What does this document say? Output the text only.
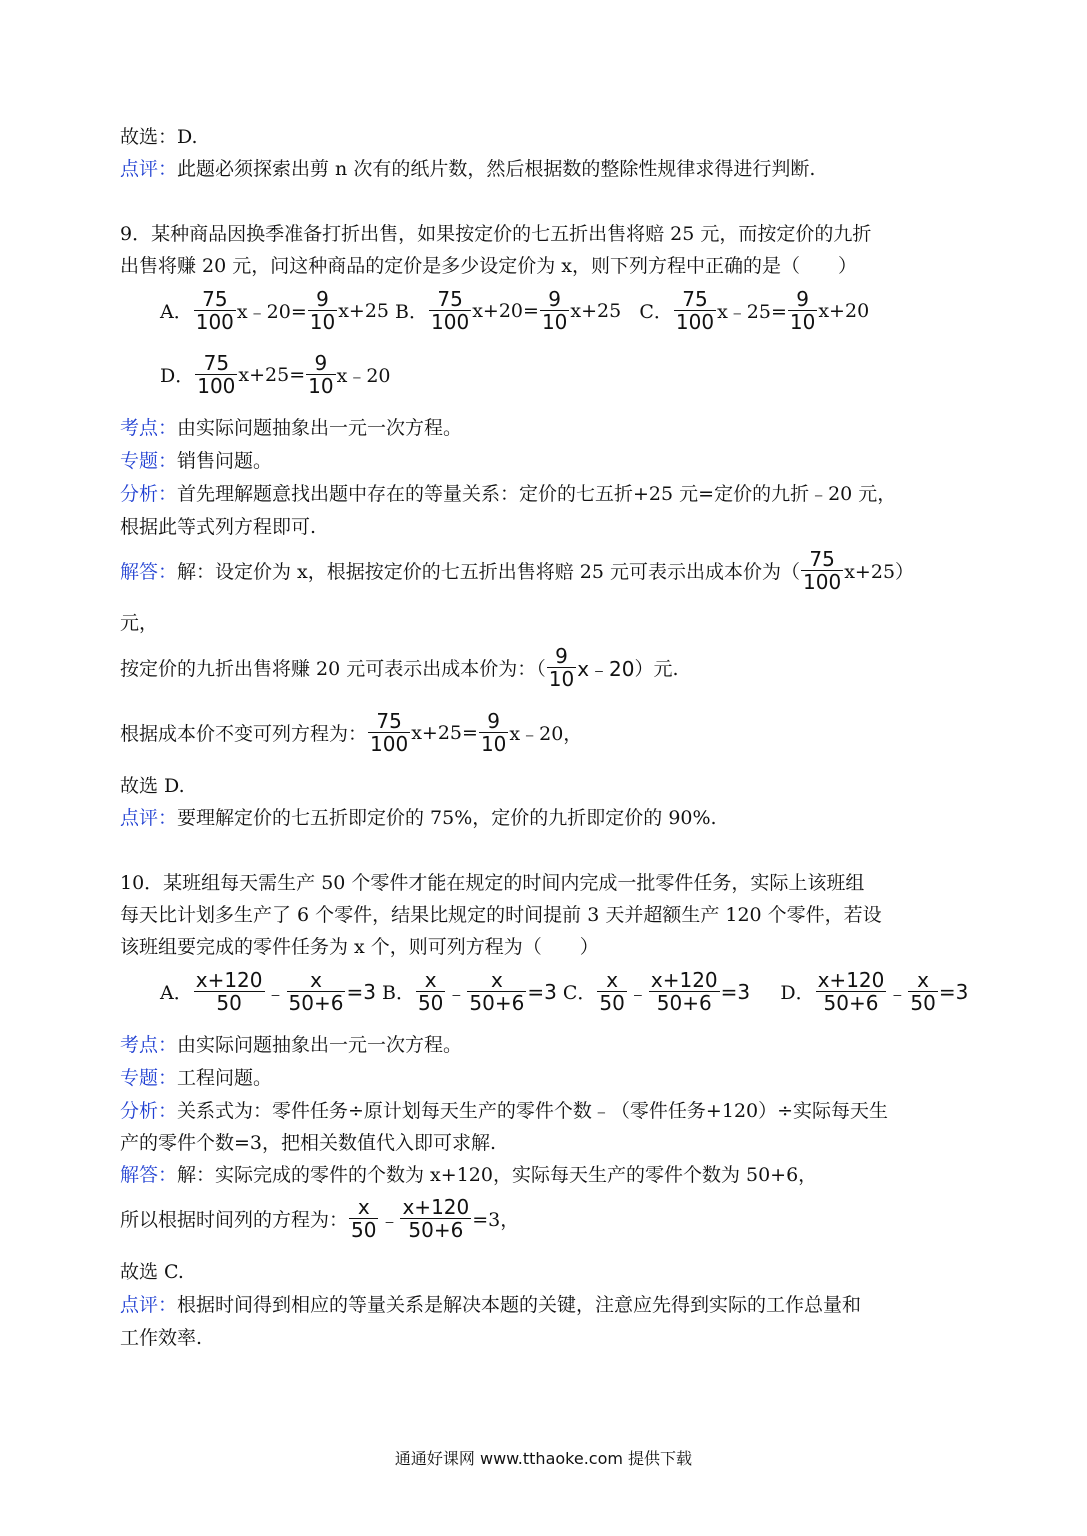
故选：D.
点评：此题必须探索出剪 n 次有的纸片数，然后根据数的整除性规律求得进行判断.
9．某种商品因换季准备打折出售，如果按定价的七五折出售将赔 25 元，而按定价的九折
出售将赚 20 元，问这种商品的定价是多少设定价为 x，则下列方程中正确的是（　　）
A． $\frac{75}{100}$ x﹣20= $\frac{9}{10} x+25$ B． $\frac{75}{100} x+20= \frac{9}{10} x+25$ C． $\frac{75}{100}$ x﹣25= $\frac{9}{10} x+20$
D． $\frac{75}{100} x+25= \frac{9}{10}$ x﹣20
考点：由实际问题抽象出一元一次方程。
专题：销售问题。
分析：首先理解题意找出题中存在的等量关系：定价的七五折+25 元=定价的九折﹣20 元，
根据此等式列方程即可.
解答：解：设定价为 x，根据按定价的七五折出售将赔 25 元可表示出成本价为（ $\frac{75}{100} x+25$）
元，
按定价的九折出售将赚 20 元可表示出成本价为：（ $\frac{9}{10}$ x﹣20）元.
根据成本价不变可列方程为： $\frac{75}{100} x+25= \frac{9}{10}$ x﹣20，
故选 D.
点评：要理解定价的七五折即定价的 75%，定价的九折即定价的 90%.
10．某班组每天需生产 50 个零件才能在规定的时间内完成一批零件任务，实际上该班组
每天比计划多生产了 6 个零件，结果比规定的时间提前 3 天并超额生产 120 个零件，若设
该班组要完成的零件任务为 x 个，则可列方程为（　　）
A． $\frac{x+120}{50}$ ﹣ $\frac{x}{50+6} =3$ B． $\frac{x}{50}$ ﹣ $\frac{x}{50+6} =3$ C． $\frac{x}{50}$ ﹣ $\frac{x+120}{50+6} =3$ D． $\frac{x+120}{50+6}$ ﹣ $\frac{x}{50} =3$
考点：由实际问题抽象出一元一次方程。
专题：工程问题。
分析：关系式为：零件任务÷原计划每天生产的零件个数﹣（零件任务+120）÷实际每天生
产的零件个数=3，把相关数值代入即可求解.
解答：解：实际完成的零件的个数为 x+120，实际每天生产的零件个数为 50+6，
所以根据时间列的方程为： $\frac{x}{50}$ ﹣ $\frac{x+120}{50+6} =3$，
故选 C.
点评：根据时间得到相应的等量关系是解决本题的关键，注意应先得到实际的工作总量和
工作效率.
通通好课网 www.tthaoke.com 提供下载
